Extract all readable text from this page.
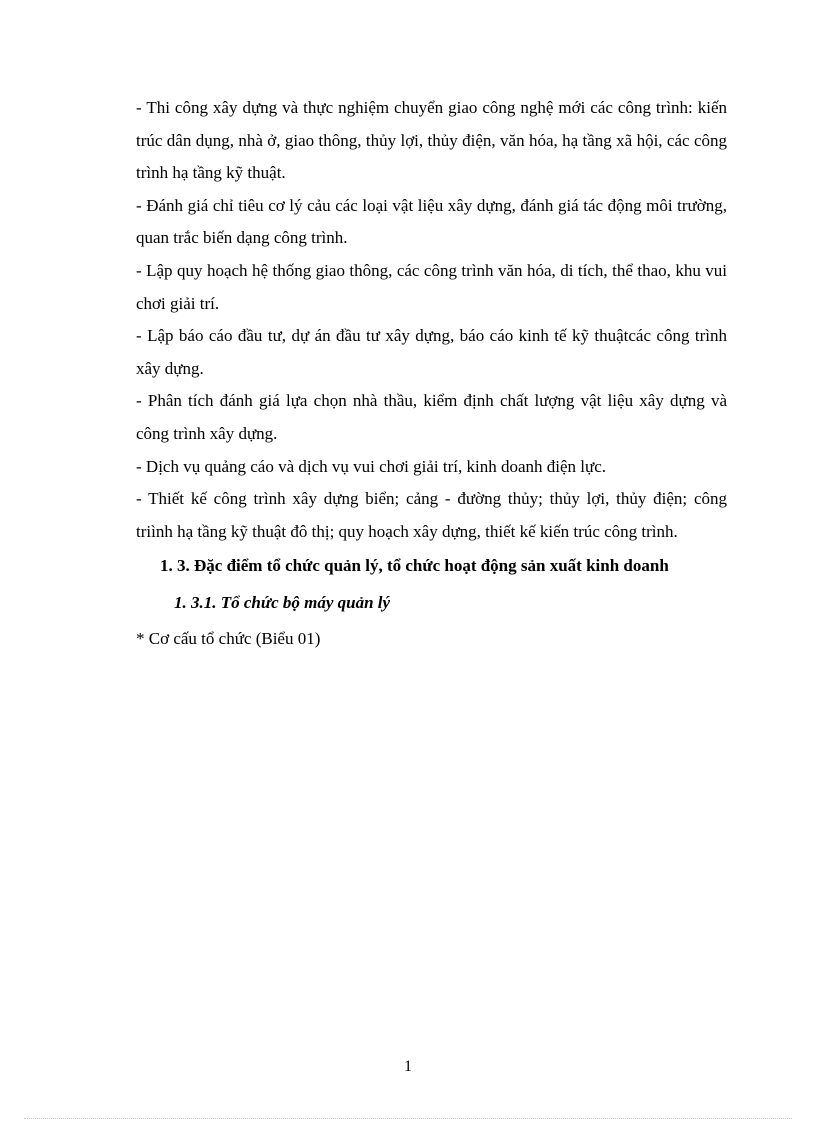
- Thi công xây dựng và thực nghiệm chuyển giao công nghệ mới các công trình: kiến trúc dân dụng, nhà ở, giao thông, thủy lợi, thủy điện, văn hóa, hạ tầng xã hội, các công trình hạ tầng kỹ thuật.

- Đánh giá chỉ tiêu cơ lý cảu các loại vật liệu xây dựng, đánh giá tác động môi trường, quan trắc biến dạng công trình.

- Lập quy hoạch hệ thống giao thông, các công trình văn hóa, di tích, thể thao, khu vui chơi giải trí.

- Lập báo cáo đầu tư, dự án đầu tư xây dựng, báo cáo kinh tế kỹ thuậtcác công trình xây dựng.

- Phân tích đánh giá lựa chọn nhà thầu, kiểm định chất lượng vật liệu xây dựng và công trình xây dựng.

- Dịch vụ quảng cáo và dịch vụ vui chơi giải trí, kinh doanh điện lực.

- Thiết kế công trình xây dựng biển; cảng - đường thủy; thủy lợi, thủy điện; công triình hạ tầng kỹ thuật đô thị; quy hoạch xây dựng, thiết kế kiến trúc công trình.

1. 3. Đặc điểm tổ chức quản lý, tổ chức hoạt động sản xuất kinh doanh

1. 3.1. Tổ chức bộ máy quản lý

* Cơ cấu tổ chức (Biểu 01)

1
